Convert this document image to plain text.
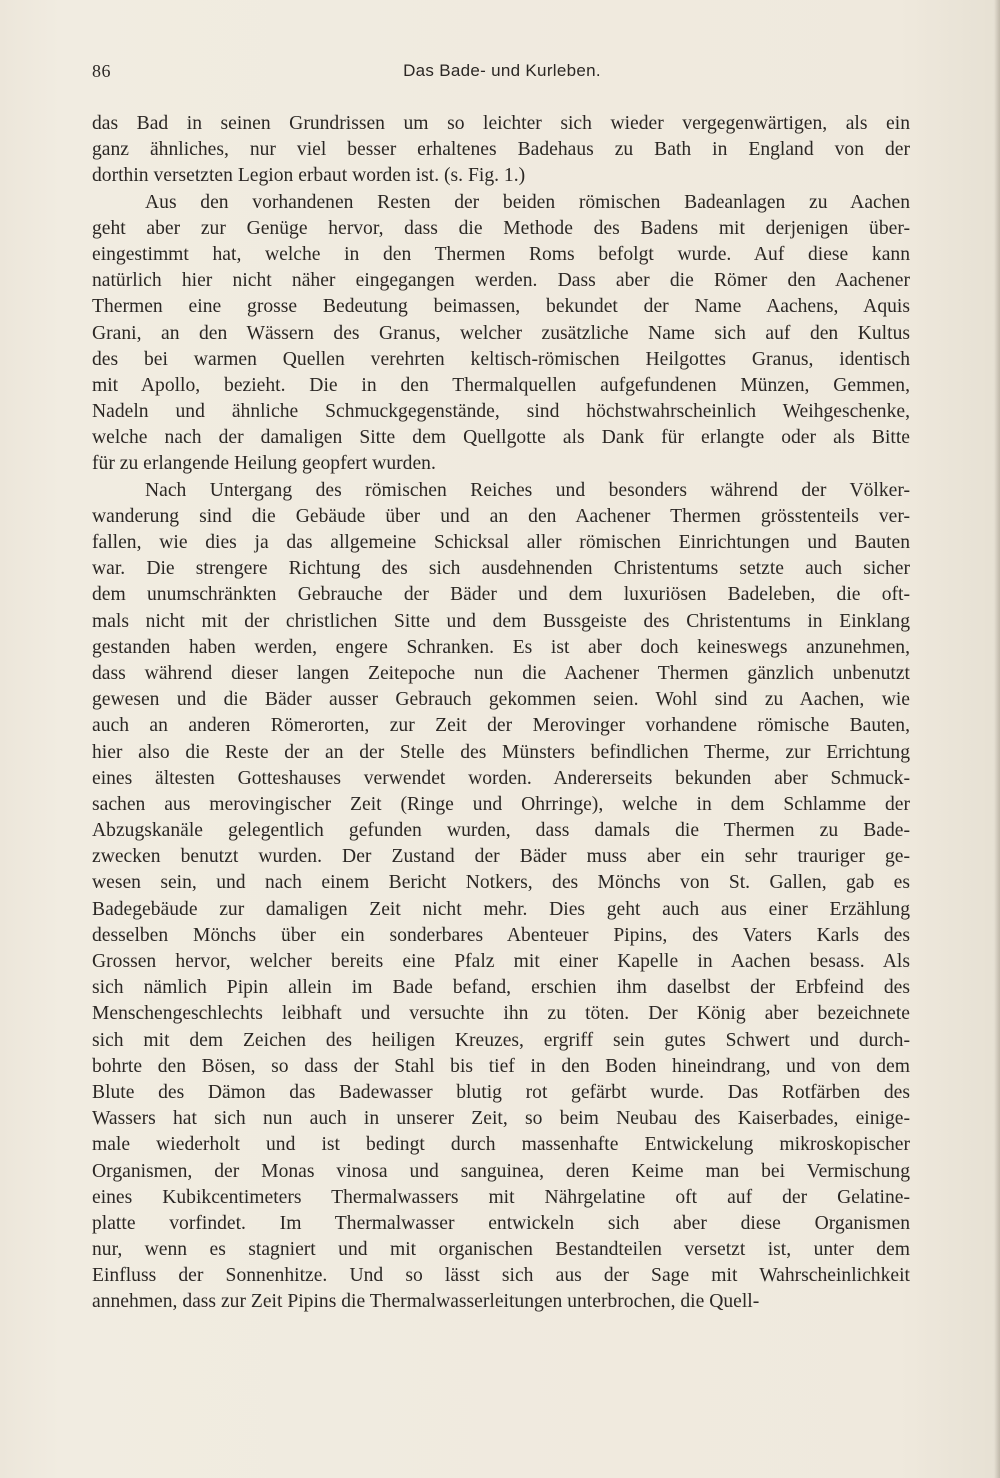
86	Das Bade- und Kurleben.
das Bad in seinen Grundrissen um so leichter sich wieder vergegenwärtigen, als ein
ganz ähnliches, nur viel besser erhaltenes Badehaus zu Bath in England von der
dorthin versetzten Legion erbaut worden ist. (s. Fig. 1.)
Aus den vorhandenen Resten der beiden römischen Badeanlagen zu Aachen
geht aber zur Genüge hervor, dass die Methode des Badens mit derjenigen über-
eingestimmt hat, welche in den Thermen Roms befolgt wurde. Auf diese kann
natürlich hier nicht näher eingegangen werden. Dass aber die Römer den Aachener
Thermen eine grosse Bedeutung beimassen, bekundet der Name Aachens, Aquis
Grani, an den Wässern des Granus, welcher zusätzliche Name sich auf den Kultus
des bei warmen Quellen verehrten keltisch-römischen Heilgottes Granus, identisch
mit Apollo, bezieht. Die in den Thermalquellen aufgefundenen Münzen, Gemmen,
Nadeln und ähnliche Schmuckgegenstände, sind höchstwahrscheinlich Weihgeschenke,
welche nach der damaligen Sitte dem Quellgotte als Dank für erlangte oder als Bitte
für zu erlangende Heilung geopfert wurden.
Nach Untergang des römischen Reiches und besonders während der Völker-
wanderung sind die Gebäude über und an den Aachener Thermen grösstenteils ver-
fallen, wie dies ja das allgemeine Schicksal aller römischen Einrichtungen und Bauten
war. Die strengere Richtung des sich ausdehnenden Christentums setzte auch sicher
dem unumschränkten Gebrauche der Bäder und dem luxuriösen Badeleben, die oft-
mals nicht mit der christlichen Sitte und dem Bussgeiste des Christentums in Einklang
gestanden haben werden, engere Schranken. Es ist aber doch keineswegs anzunehmen,
dass während dieser langen Zeitepoche nun die Aachener Thermen gänzlich unbenutzt
gewesen und die Bäder ausser Gebrauch gekommen seien. Wohl sind zu Aachen, wie
auch an anderen Römerorten, zur Zeit der Merovinger vorhandene römische Bauten,
hier also die Reste der an der Stelle des Münsters befindlichen Therme, zur Errichtung
eines ältesten Gotteshauses verwendet worden. Andererseits bekunden aber Schmuck-
sachen aus merovingischer Zeit (Ringe und Ohrringe), welche in dem Schlamme der
Abzugskanäle gelegentlich gefunden wurden, dass damals die Thermen zu Bade-
zwecken benutzt wurden. Der Zustand der Bäder muss aber ein sehr trauriger ge-
wesen sein, und nach einem Bericht Notkers, des Mönchs von St. Gallen, gab es
Badegebäude zur damaligen Zeit nicht mehr. Dies geht auch aus einer Erzählung
desselben Mönchs über ein sonderbares Abenteuer Pipins, des Vaters Karls des
Grossen hervor, welcher bereits eine Pfalz mit einer Kapelle in Aachen besass. Als
sich nämlich Pipin allein im Bade befand, erschien ihm daselbst der Erbfeind des
Menschengeschlechts leibhaft und versuchte ihn zu töten. Der König aber bezeichnete
sich mit dem Zeichen des heiligen Kreuzes, ergriff sein gutes Schwert und durch-
bohrte den Bösen, so dass der Stahl bis tief in den Boden hineindrang, und von dem
Blute des Dämon das Badewasser blutig rot gefärbt wurde. Das Rotfärben des
Wassers hat sich nun auch in unserer Zeit, so beim Neubau des Kaiserbades, einige-
male wiederholt und ist bedingt durch massenhafte Entwickelung mikroskopischer
Organismen, der Monas vinosa und sanguinea, deren Keime man bei Vermischung
eines Kubikcentimeters Thermalwassers mit Nährgelatine oft auf der Gelatine-
platte vorfindet. Im Thermalwasser entwickeln sich aber diese Organismen
nur, wenn es stagniert und mit organischen Bestandteilen versetzt ist, unter dem
Einfluss der Sonnenhitze. Und so lässt sich aus der Sage mit Wahrscheinlichkeit
annehmen, dass zur Zeit Pipins die Thermalwasserleitungen unterbrochen, die Quell-
